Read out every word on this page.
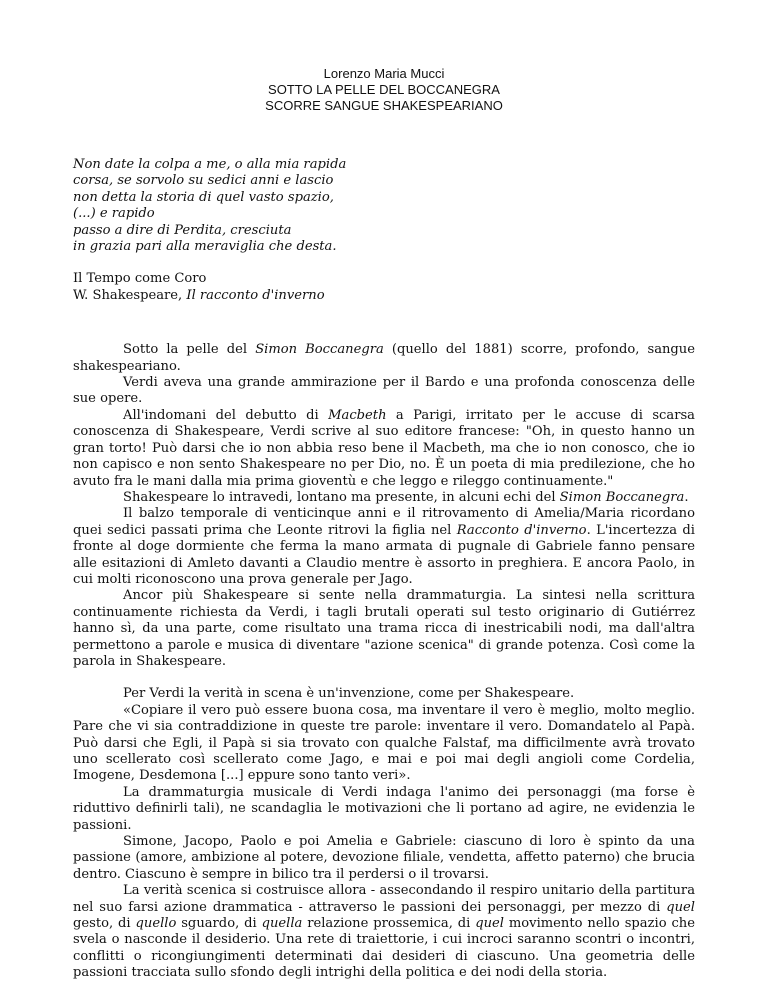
Lorenzo Maria Mucci
SOTTO LA PELLE DEL BOCCANEGRA
SCORRE SANGUE SHAKESPEARIANO
Non date la colpa a me, o alla mia rapida
corsa, se sorvolo su sedici anni e lascio
non detta la storia di quel vasto spazio,
(...) e rapido
passo a dire di Perdita, cresciuta
in grazia pari alla meraviglia che desta.
Il Tempo come Coro
W. Shakespeare, Il racconto d'inverno

Sotto la pelle del Simon Boccanegra (quello del 1881) scorre, profondo, sangue shakespeariano.

Verdi aveva una grande ammirazione per il Bardo e una profonda conoscenza delle sue opere.

All'indomani del debutto di Macbeth a Parigi, irritato per le accuse di scarsa conoscenza di Shakespeare, Verdi scrive al suo editore francese: "Oh, in questo hanno un gran torto! Può darsi che io non abbia reso bene il Macbeth, ma che io non conosco, che io non capisco e non sento Shakespeare no per Dio, no. È un poeta di mia predilezione, che ho avuto fra le mani dalla mia prima gioventù e che leggo e rileggo continuamente."

Shakespeare lo intravedi, lontano ma presente, in alcuni echi del Simon Boccanegra.

Il balzo temporale di venticinque anni e il ritrovamento di Amelia/Maria ricordano quei sedici passati prima che Leonte ritrovi la figlia nel Racconto d'inverno. L'incertezza di fronte al doge dormiente che ferma la mano armata di pugnale di Gabriele fanno pensare alle esitazioni di Amleto davanti a Claudio mentre è assorto in preghiera. E ancora Paolo, in cui molti riconoscono una prova generale per Jago.

Ancor più Shakespeare si sente nella drammaturgia. La sintesi nella scrittura continuamente richiesta da Verdi, i tagli brutali operati sul testo originario di Gutiérrez hanno sì, da una parte, come risultato una trama ricca di inestricabili nodi, ma dall'altra permettono a parole e musica di diventare "azione scenica" di grande potenza. Così come la parola in Shakespeare.

Per Verdi la verità in scena è un'invenzione, come per Shakespeare.

«Copiare il vero può essere buona cosa, ma inventare il vero è meglio, molto meglio. Pare che vi sia contraddizione in queste tre parole: inventare il vero. Domandatelo al Papà. Può darsi che Egli, il Papà si sia trovato con qualche Falstaf, ma difficilmente avrà trovato uno scellerato così scellerato come Jago, e mai e poi mai degli angioli come Cordelia, Imogene, Desdemona [...] eppure sono tanto veri».

La drammaturgia musicale di Verdi indaga l'animo dei personaggi (ma forse è riduttivo definirli tali), ne scandaglia le motivazioni che li portano ad agire, ne evidenzia le passioni.

Simone, Jacopo, Paolo e poi Amelia e Gabriele: ciascuno di loro è spinto da una passione (amore, ambizione al potere, devozione filiale, vendetta, affetto paterno) che brucia dentro. Ciascuno è sempre in bilico tra il perdersi o il trovarsi.

La verità scenica si costruisce allora - assecondando il respiro unitario della partitura nel suo farsi azione drammatica - attraverso le passioni dei personaggi, per mezzo di quel gesto, di quello sguardo, di quella relazione prossemica, di quel movimento nello spazio che svela o nasconde il desiderio. Una rete di traiettorie, i cui incroci saranno scontri o incontri, conflitti o ricongiungimenti determinati dai desideri di ciascuno. Una geometria delle passioni tracciata sullo sfondo degli intrighi della politica e dei nodi della storia.
